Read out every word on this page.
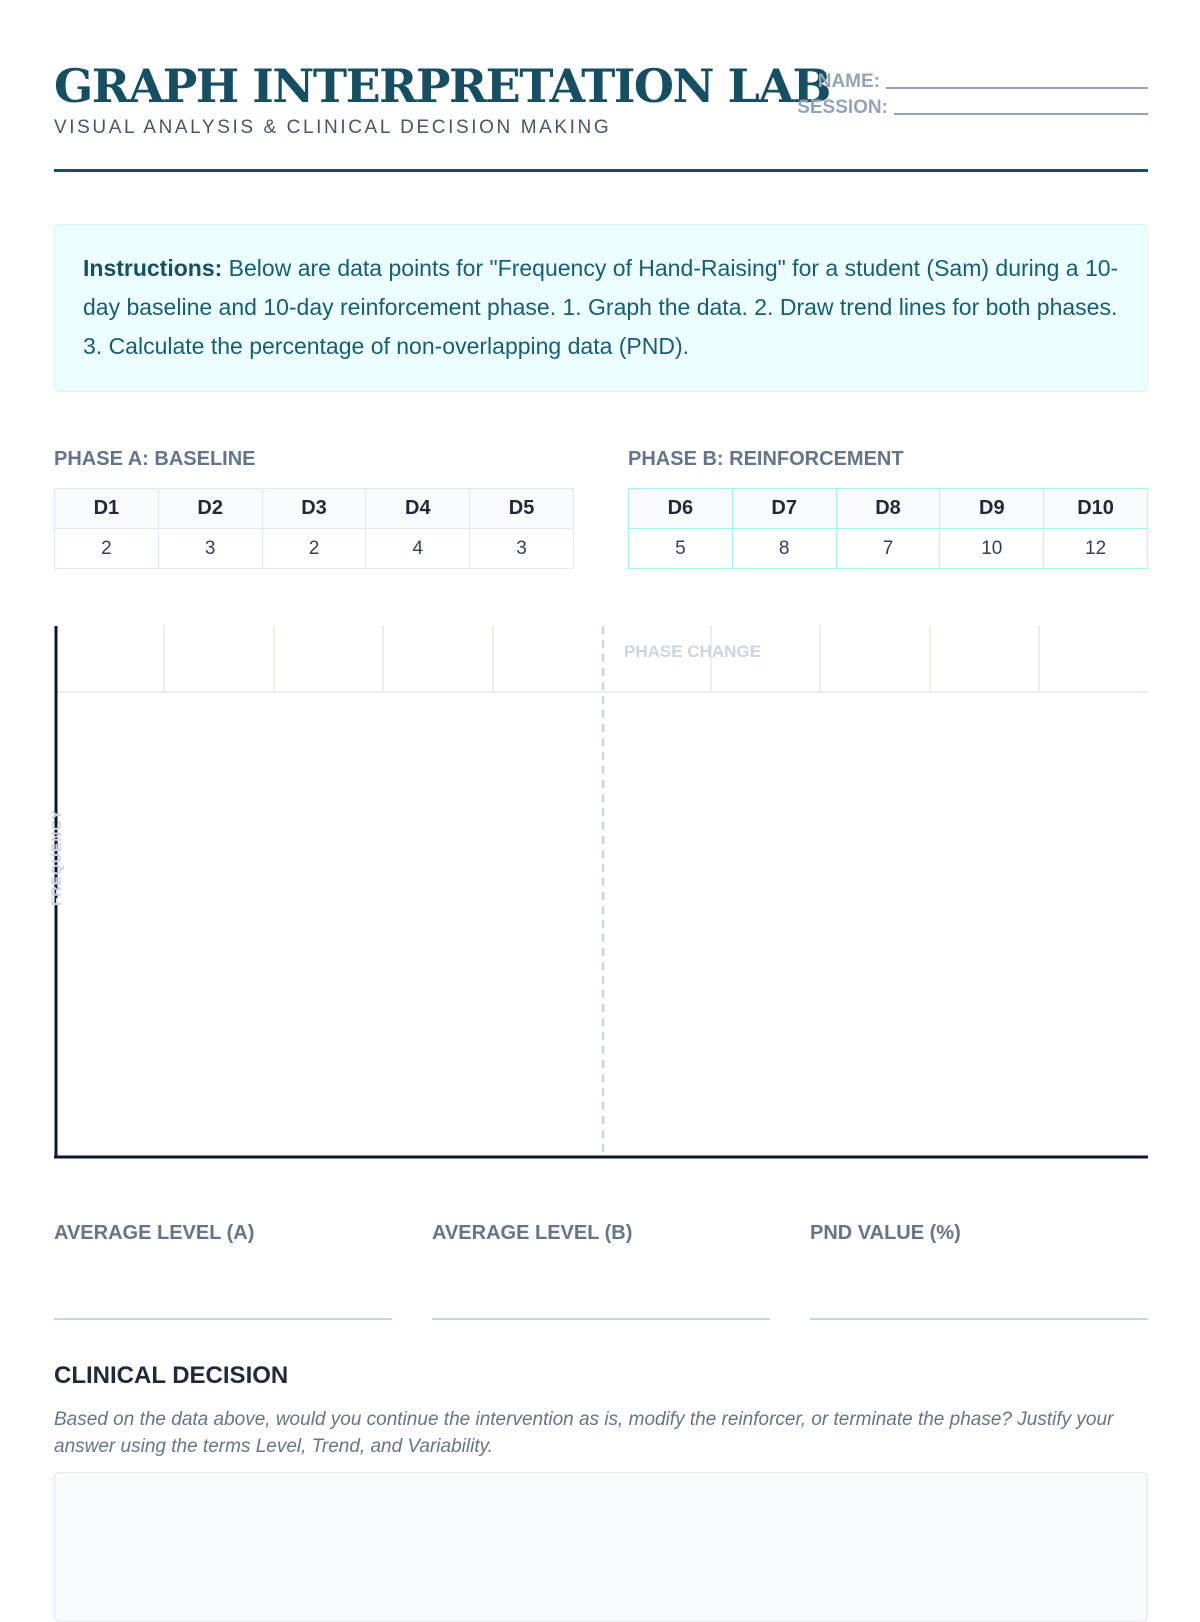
GRAPH INTERPRETATION LAB
VISUAL ANALYSIS & CLINICAL DECISION MAKING
NAME:
SESSION:
Instructions: Below are data points for "Frequency of Hand-Raising" for a student (Sam) during a 10-day baseline and 10-day reinforcement phase. 1. Graph the data. 2. Draw trend lines for both phases. 3. Calculate the percentage of non-overlapping data (PND).
PHASE A: BASELINE
D1	D2	D3	D4	D5
2	3	2	4	3
PHASE B: REINFORCEMENT
D6	D7	D8	D9	D10
5	8	7	10	12
PHASE CHANGE
FREQUENCY
AVERAGE LEVEL (A)	AVERAGE LEVEL (B)	PND VALUE (%)
CLINICAL DECISION
Based on the data above, would you continue the intervention as is, modify the reinforcer, or terminate the phase? Justify your answer using the terms Level, Trend, and Variability.
